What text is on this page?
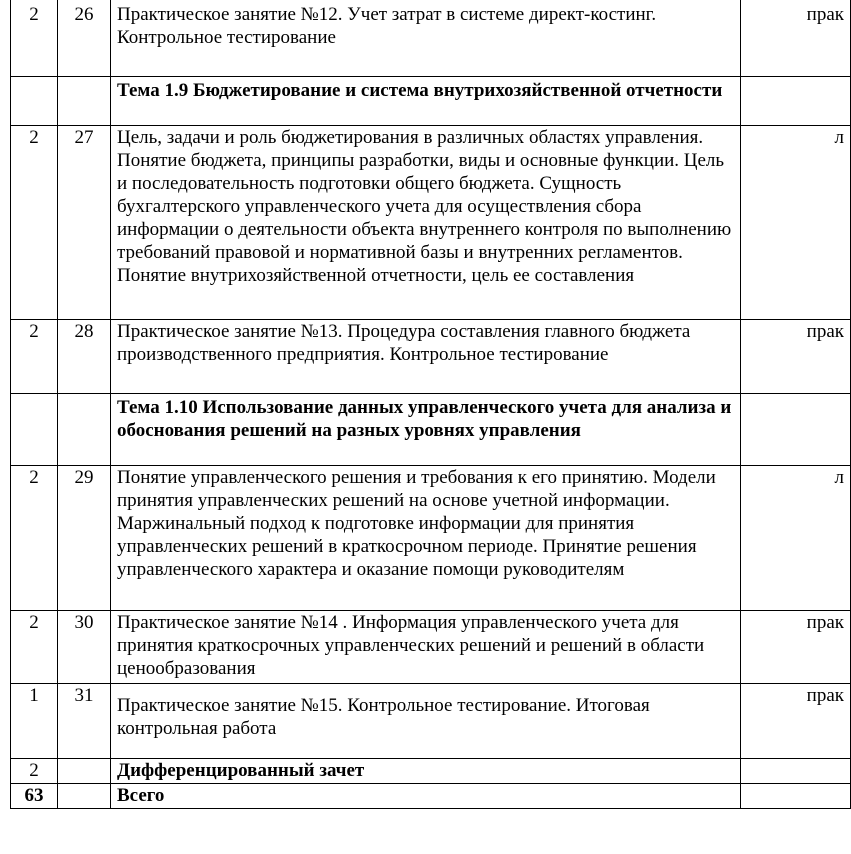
2	26	Практическое занятие №12. Учет затрат в системе директ-костинг. Контрольное тестирование	прак
		Тема 1.9 Бюджетирование и система внутрихозяйственной отчетности	
2	27	Цель, задачи и роль бюджетирования в различных областях управления. Понятие бюджета, принципы разработки, виды и основные функции. Цель и последовательность подготовки общего бюджета. Сущность бухгалтерского управленческого учета для осуществления сбора информации о деятельности объекта внутреннего контроля по выполнению требований правовой и нормативной базы и внутренних регламентов. Понятие внутрихозяйственной отчетности, цель ее составления	л
2	28	Практическое занятие №13. Процедура составления главного бюджета производственного предприятия. Контрольное тестирование	прак
		Тема 1.10 Использование данных управленческого учета для анализа и обоснования решений на разных уровнях управления	
2	29	Понятие управленческого решения и требования к его принятию. Модели принятия управленческих решений на основе учетной информации. Маржинальный подход к подготовке информации для принятия управленческих решений в краткосрочном периоде. Принятие решения управленческого характера и оказание помощи руководителям	л
2	30	Практическое занятие №14 . Информация управленческого учета для принятия краткосрочных управленческих решений и решений в области ценообразования	прак
1	31	Практическое занятие №15. Контрольное тестирование. Итоговая контрольная работа	прак
2		Дифференцированный зачет	
63		Всего	
